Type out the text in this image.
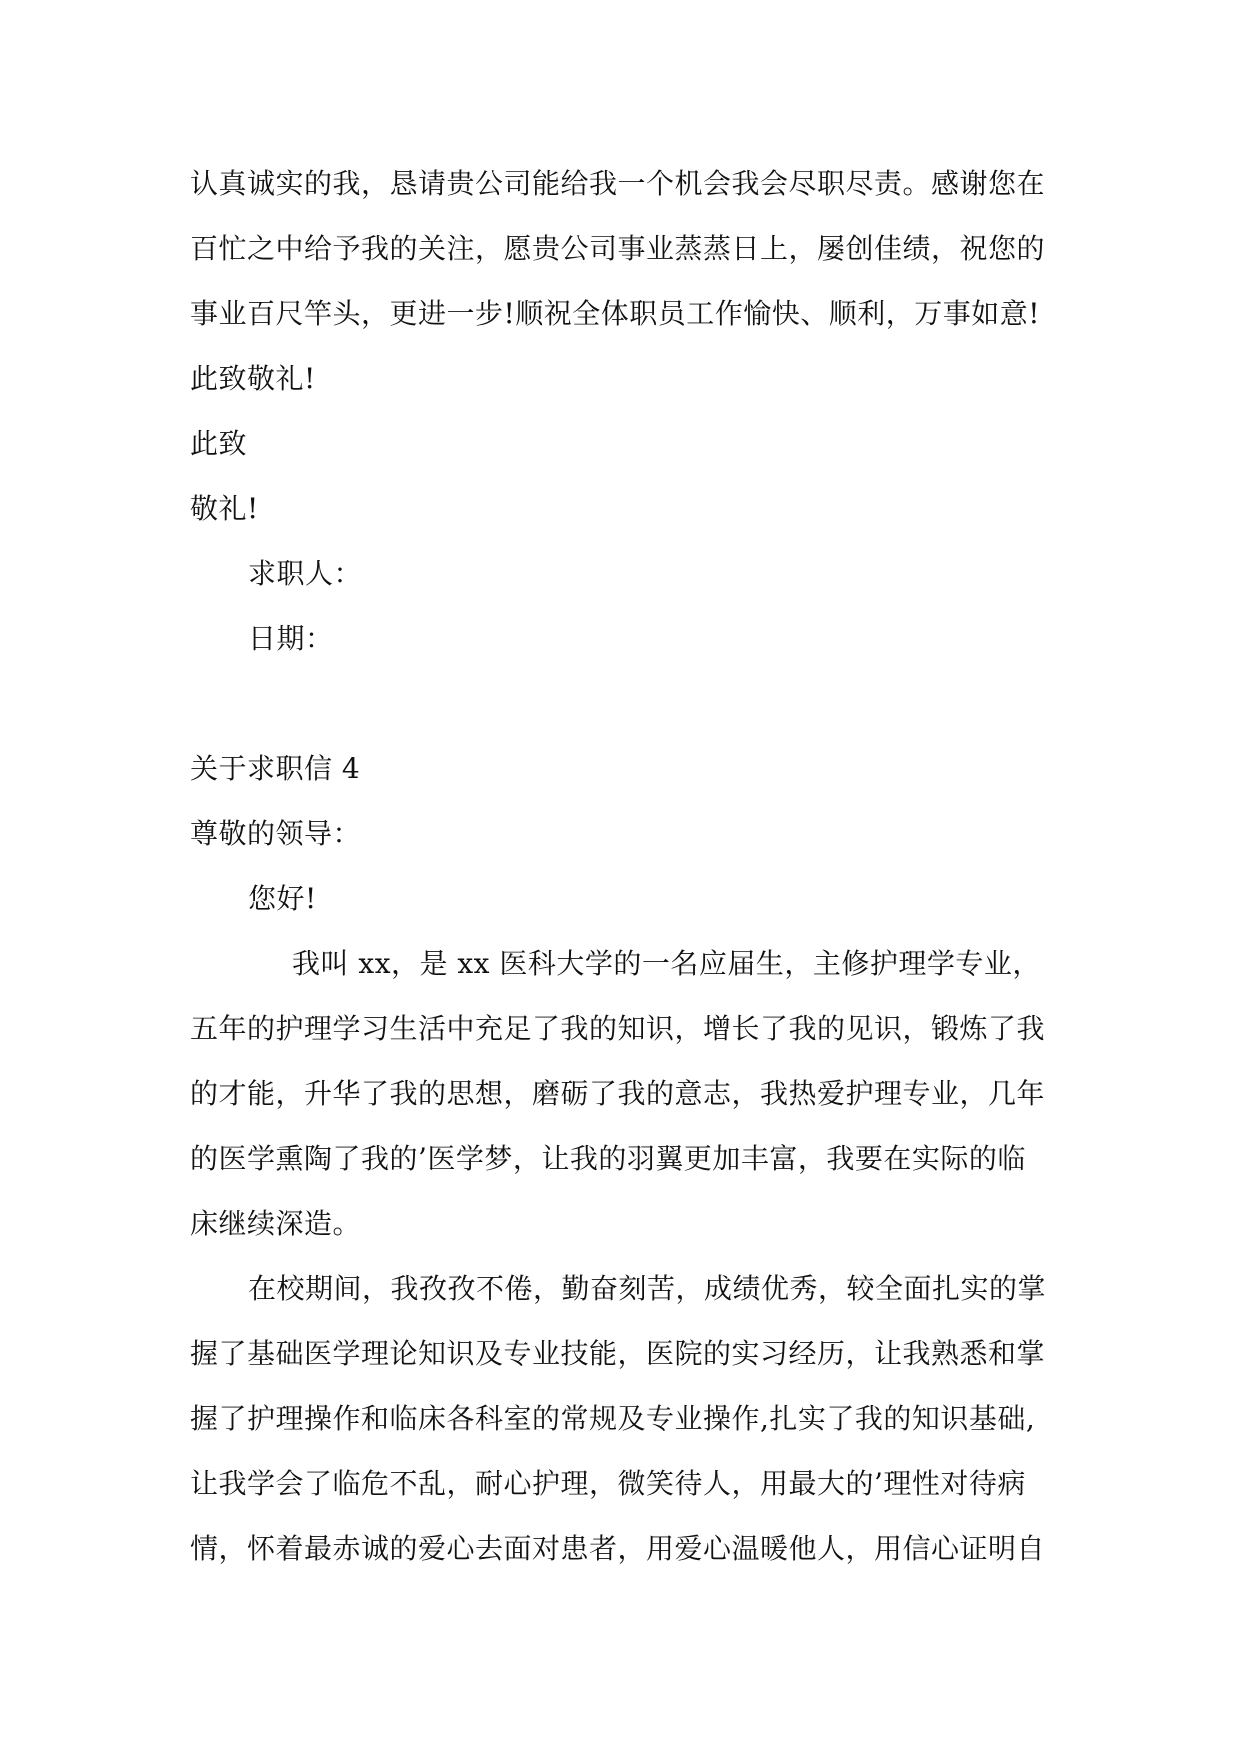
认真诚实的我，恳请贵公司能给我一个机会我会尽职尽责。感谢您在
百忙之中给予我的关注，愿贵公司事业蒸蒸日上，屡创佳绩，祝您的
事业百尺竿头，更进一步!顺祝全体职员工作愉快、顺利，万事如意!
此致敬礼!
此致
敬礼!
求职人：
日期：
关于求职信 4
尊敬的领导：
您好!
我叫 xx，是 xx 医科大学的一名应届生，主修护理学专业，
五年的护理学习生活中充足了我的知识，增长了我的见识，锻炼了我
的才能，升华了我的思想，磨砺了我的意志，我热爱护理专业，几年
的医学熏陶了我的’医学梦，让我的羽翼更加丰富，我要在实际的临
床继续深造。
在校期间，我孜孜不倦，勤奋刻苦，成绩优秀，较全面扎实的掌
握了基础医学理论知识及专业技能，医院的实习经历，让我熟悉和掌
握了护理操作和临床各科室的常规及专业操作,扎实了我的知识基础,
让我学会了临危不乱，耐心护理，微笑待人，用最大的’理性对待病
情，怀着最赤诚的爱心去面对患者，用爱心温暖他人，用信心证明自
